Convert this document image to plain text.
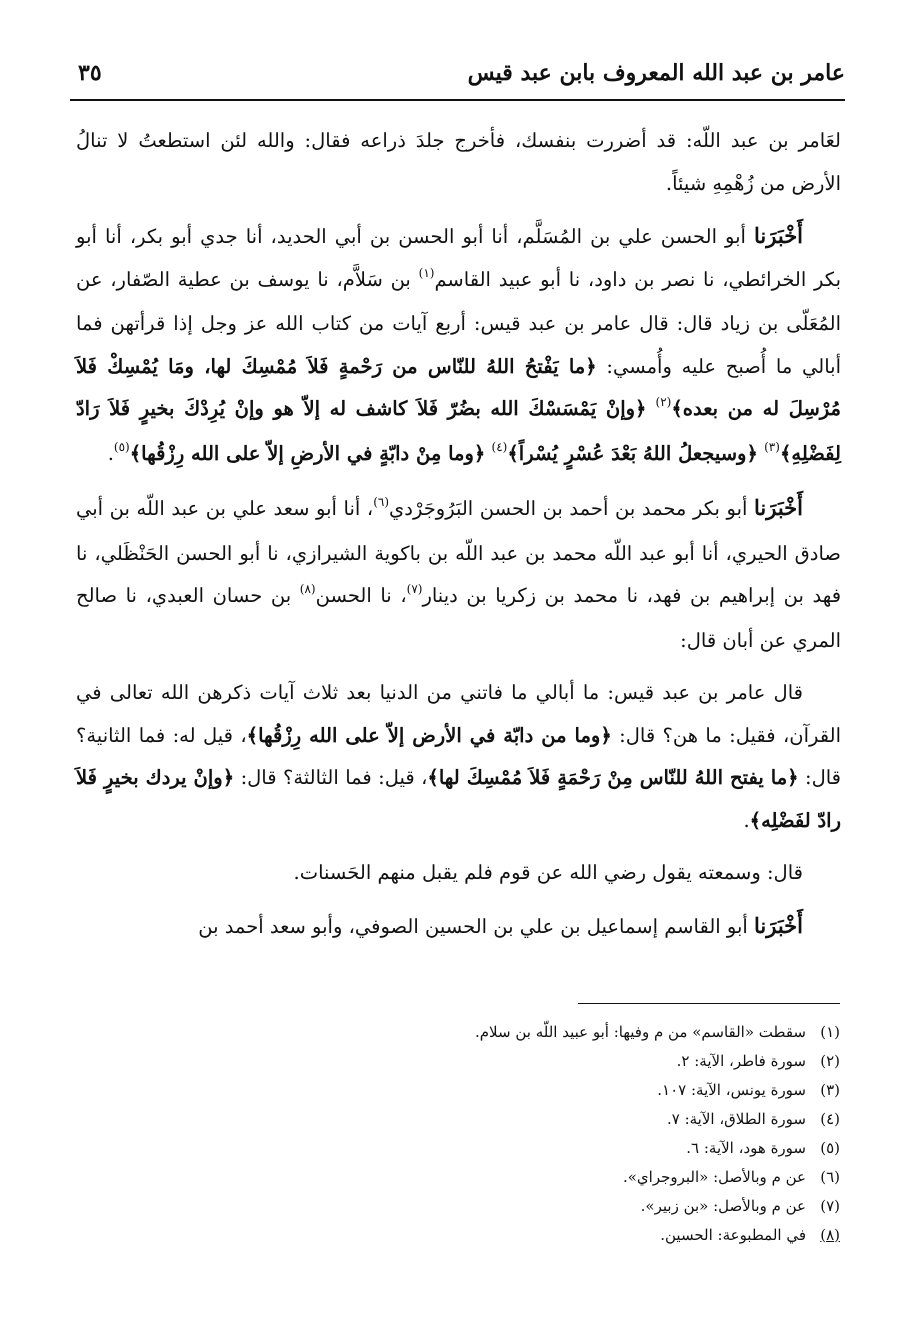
عامر بن عبد الله المعروف بابن عبد قيس
٣٥

لعَامر بن عبد اللّه: قد أضررت بنفسك، فأخرج جلدَ ذراعه فقال: والله لئن استطعتُ لا تنالُ الأرض من زُهْمِهِ شيئاً.

أَخْبَرَنا أبو الحسن علي بن المُسَلَّم، أنا أبو الحسن بن أبي الحديد، أنا جدي أبو بكر، أنا أبو بكر الخرائطي، نا نصر بن داود، نا أبو عبيد القاسم$^{(١)}$ بن سَلاَّم، نا يوسف بن عطية الصّفار، عن المُعَلّى بن زياد قال: قال عامر بن عبد قيس: أربع آيات من كتاب الله عز وجل إذا قرأتهن فما أبالي ما أُصبح عليه وأُمسي: ﴿ما يَفْتحُ اللهُ للنّاس من رَحْمةٍ فَلاَ مُمْسِكَ لها، ومَا يُمْسِكْ فَلاَ مُرْسِلَ له من بعده﴾$^{(٢)}$ ﴿وإنْ يَمْسَسْكَ الله بضُرّ فَلاَ كاشف له إلاّ هو وإنْ يُرِدْكَ بخيرٍ فَلاَ رَادّ لِفَضْلِهِ﴾$^{(٣)}$ ﴿وسيجعلُ اللهُ بَعْدَ عُسْرٍ يُسْراً﴾$^{(٤)}$ ﴿وما مِنْ دابّةٍ في الأرضِ إلاّ على الله رِزْقُها﴾$^{(٥)}$.

أَخْبَرَنا أبو بكر محمد بن أحمد بن الحسن البَرُوجَرْدي$^{(٦)}$، أنا أبو سعد علي بن عبد اللّه بن أبي صادق الحيري، أنا أبو عبد اللّه محمد بن عبد اللّه بن باكوية الشيرازي، نا أبو الحسن الحَنْظَلي، نا فهد بن إبراهيم بن فهد، نا محمد بن زكريا بن دينار$^{(٧)}$، نا الحسن$^{(٨)}$ بن حسان العبدي، نا صالح المري عن أبان قال:

قال عامر بن عبد قيس: ما أبالي ما فاتني من الدنيا بعد ثلاث آيات ذكرهن الله تعالى في القرآن، فقيل: ما هن؟ قال: ﴿وما من دابّة في الأرض إلاّ على الله رِزْقُها﴾، قيل له: فما الثانية؟ قال: ﴿ما يفتح اللهُ للنّاس مِنْ رَحْمَةٍ فَلاَ مُمْسِكَ لها﴾، قيل: فما الثالثة؟ قال: ﴿وإنْ يردك بخيرٍ فَلاَ رادّ لفَضْلِه﴾.

قال: وسمعته يقول رضي الله عن قوم فلم يقبل منهم الحَسنات.

أَخْبَرَنا أبو القاسم إسماعيل بن علي بن الحسين الصوفي، وأبو سعد أحمد بن

(١)سقطت «القاسم» من م وفيها: أبو عبيد اللّه بن سلام.
(٢)سورة فاطر، الآية: ٢.
(٣)سورة يونس، الآية: ١٠٧.
(٤)سورة الطلاق، الآية: ٧.
(٥)سورة هود، الآية: ٦.
(٦)عن م وبالأصل: «البروجراي».
(٧)عن م وبالأصل: «بن زبير».
(٨)في المطبوعة: الحسين.
